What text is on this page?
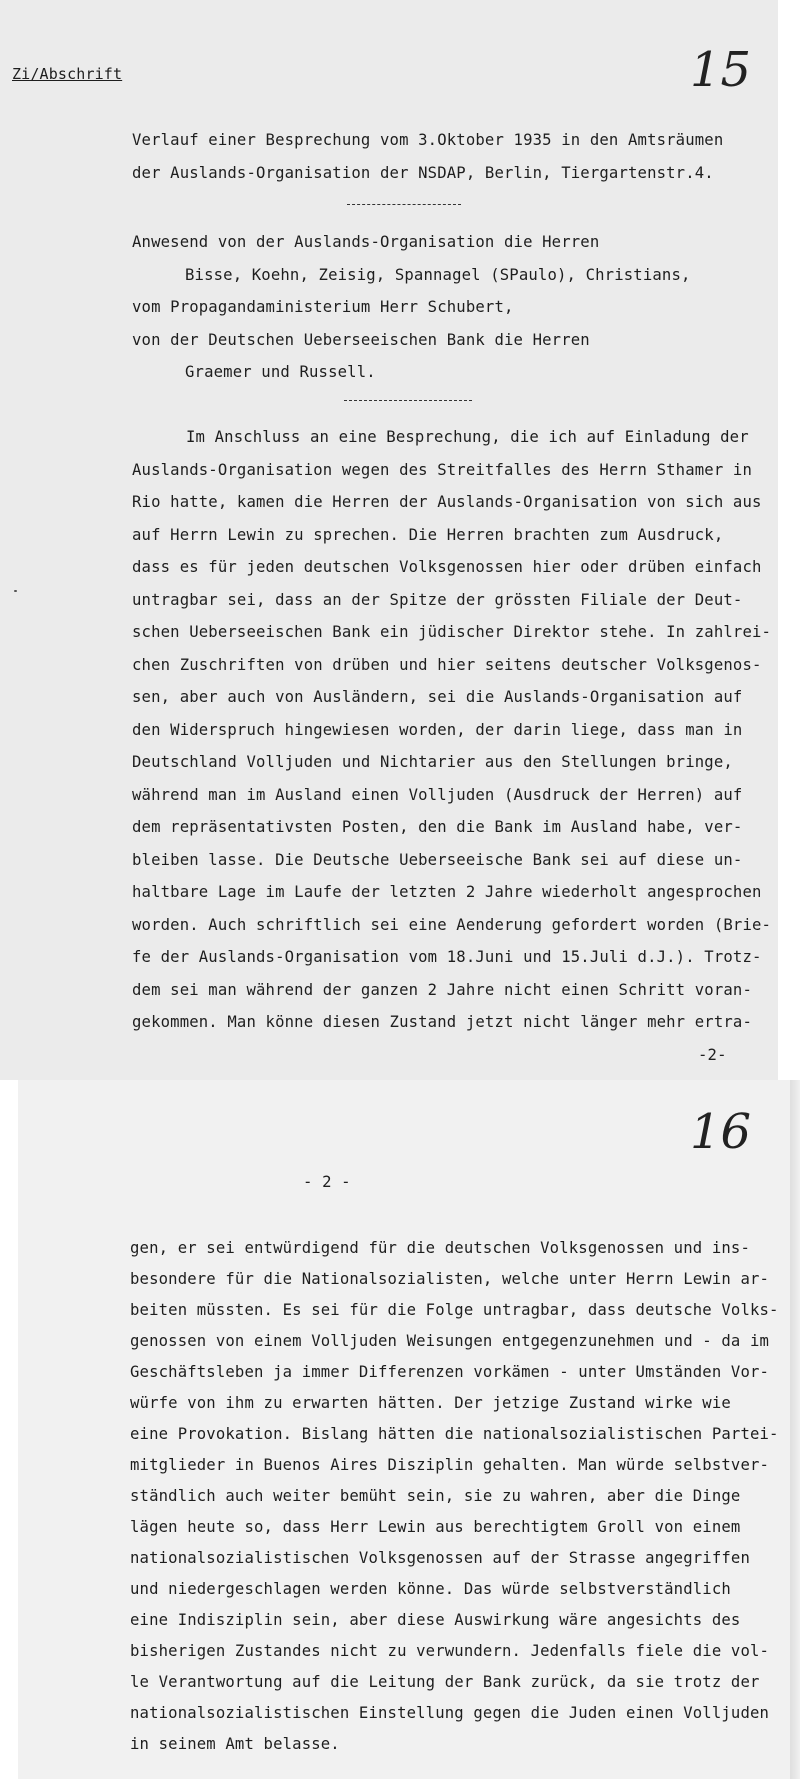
Zi/Abschrift	15
Verlauf einer Besprechung vom 3.Oktober 1935 in den Amtsräumen
der Auslands-Organisation der NSDAP, Berlin, Tiergartenstr.4.
Anwesend von der Auslands-Organisation die Herren
Bisse, Koehn, Zeisig, Spannagel (SPaulo), Christians,
vom Propagandaministerium Herr Schubert,
von der Deutschen Ueberseeischen Bank die Herren
Graemer und Russell.
Im Anschluss an eine Besprechung, die ich auf Einladung der
Auslands-Organisation wegen des Streitfalles des Herrn Sthamer in
Rio hatte, kamen die Herren der Auslands-Organisation von sich aus
auf Herrn Lewin zu sprechen. Die Herren brachten zum Ausdruck,
dass es für jeden deutschen Volksgenossen hier oder drüben einfach
untragbar sei, dass an der Spitze der grössten Filiale der Deut-
schen Ueberseeischen Bank ein jüdischer Direktor stehe. In zahlrei-
chen Zuschriften von drüben und hier seitens deutscher Volksgenos-
sen, aber auch von Ausländern, sei die Auslands-Organisation auf
den Widerspruch hingewiesen worden, der darin liege, dass man in
Deutschland Volljuden und Nichtarier aus den Stellungen bringe,
während man im Ausland einen Volljuden (Ausdruck der Herren) auf
dem repräsentativsten Posten, den die Bank im Ausland habe, ver-
bleiben lasse. Die Deutsche Ueberseeische Bank sei auf diese un-
haltbare Lage im Laufe der letzten 2 Jahre wiederholt angesprochen
worden. Auch schriftlich sei eine Aenderung gefordert worden (Brie-
fe der Auslands-Organisation vom 18.Juni und 15.Juli d.J.). Trotz-
dem sei man während der ganzen 2 Jahre nicht einen Schritt voran-
gekommen. Man könne diesen Zustand jetzt nicht länger mehr ertra-
-2-
16
- 2 -
gen, er sei entwürdigend für die deutschen Volksgenossen und ins-
besondere für die Nationalsozialisten, welche unter Herrn Lewin ar-
beiten müssten. Es sei für die Folge untragbar, dass deutsche Volks-
genossen von einem Volljuden Weisungen entgegenzunehmen und - da im
Geschäftsleben ja immer Differenzen vorkämen - unter Umständen Vor-
würfe von ihm zu erwarten hätten. Der jetzige Zustand wirke wie
eine Provokation. Bislang hätten die nationalsozialistischen Partei-
mitglieder in Buenos Aires Disziplin gehalten. Man würde selbstver-
ständlich auch weiter bemüht sein, sie zu wahren, aber die Dinge
lägen heute so, dass Herr Lewin aus berechtigtem Groll von einem
nationalsozialistischen Volksgenossen auf der Strasse angegriffen
und niedergeschlagen werden könne. Das würde selbstverständlich
eine Indisziplin sein, aber diese Auswirkung wäre angesichts des
bisherigen Zustandes nicht zu verwundern. Jedenfalls fiele die vol-
le Verantwortung auf die Leitung der Bank zurück, da sie trotz der
nationalsozialistischen Einstellung gegen die Juden einen Volljuden
in seinem Amt belasse.
